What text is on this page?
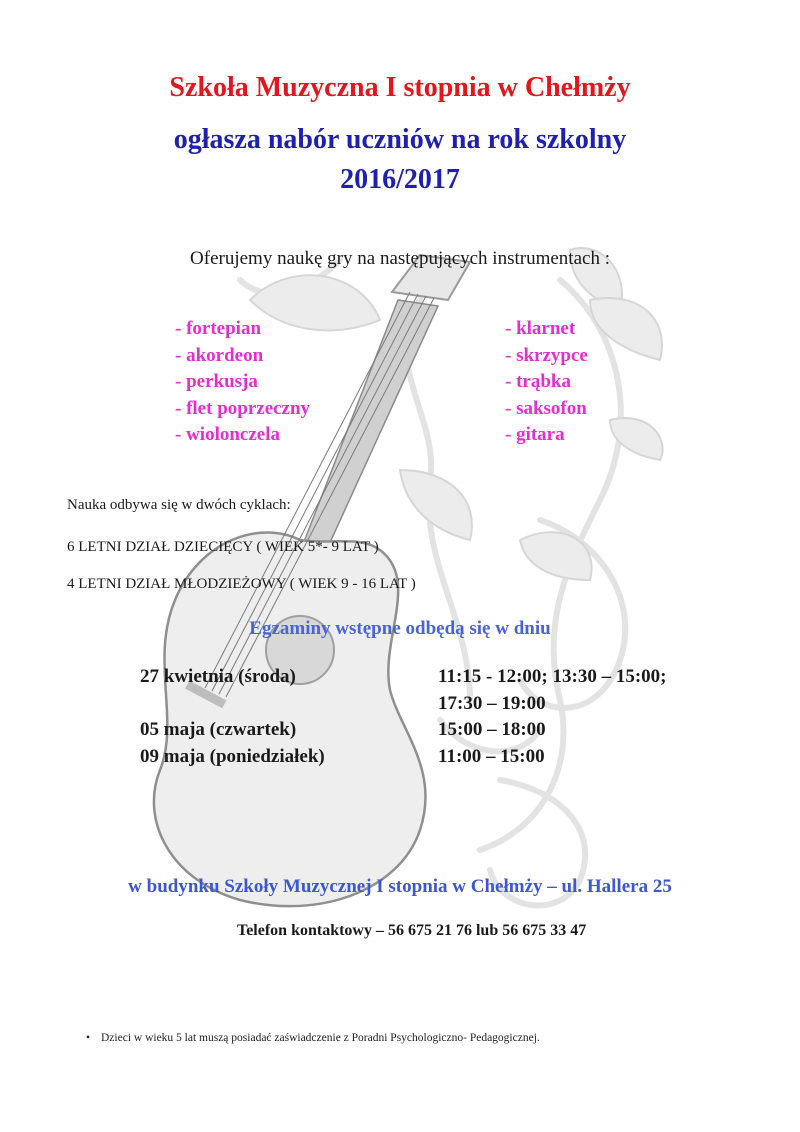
Szkoła Muzyczna I stopnia w Chełmży
ogłasza nabór uczniów na rok szkolny
2016/2017
Oferujemy naukę gry na następujących instrumentach :
- fortepian
- akordeon
- perkusja
- flet poprzeczny
- wiolonczela
- klarnet
- skrzypce
- trąbka
- saksofon
- gitara
Nauka odbywa się w dwóch cyklach:
6 LETNI DZIAŁ DZIECIĘCY ( WIEK 5*- 9 LAT )
4 LETNI DZIAŁ MŁODZIEŻOWY ( WIEK 9 - 16 LAT )
Egzaminy wstępne odbędą się w dniu
27 kwietnia (środa)
05 maja (czwartek)
09 maja (poniedziałek)
11:15 - 12:00; 13:30 – 15:00;
17:30 – 19:00
15:00 – 18:00
11:00 – 15:00
w budynku Szkoły Muzycznej I stopnia w Chełmży – ul. Hallera 25
Telefon kontaktowy – 56 675 21 76 lub 56 675 33 47
• Dzieci w wieku 5 lat muszą posiadać zaświadczenie z Poradni Psychologiczno- Pedagogicznej.
